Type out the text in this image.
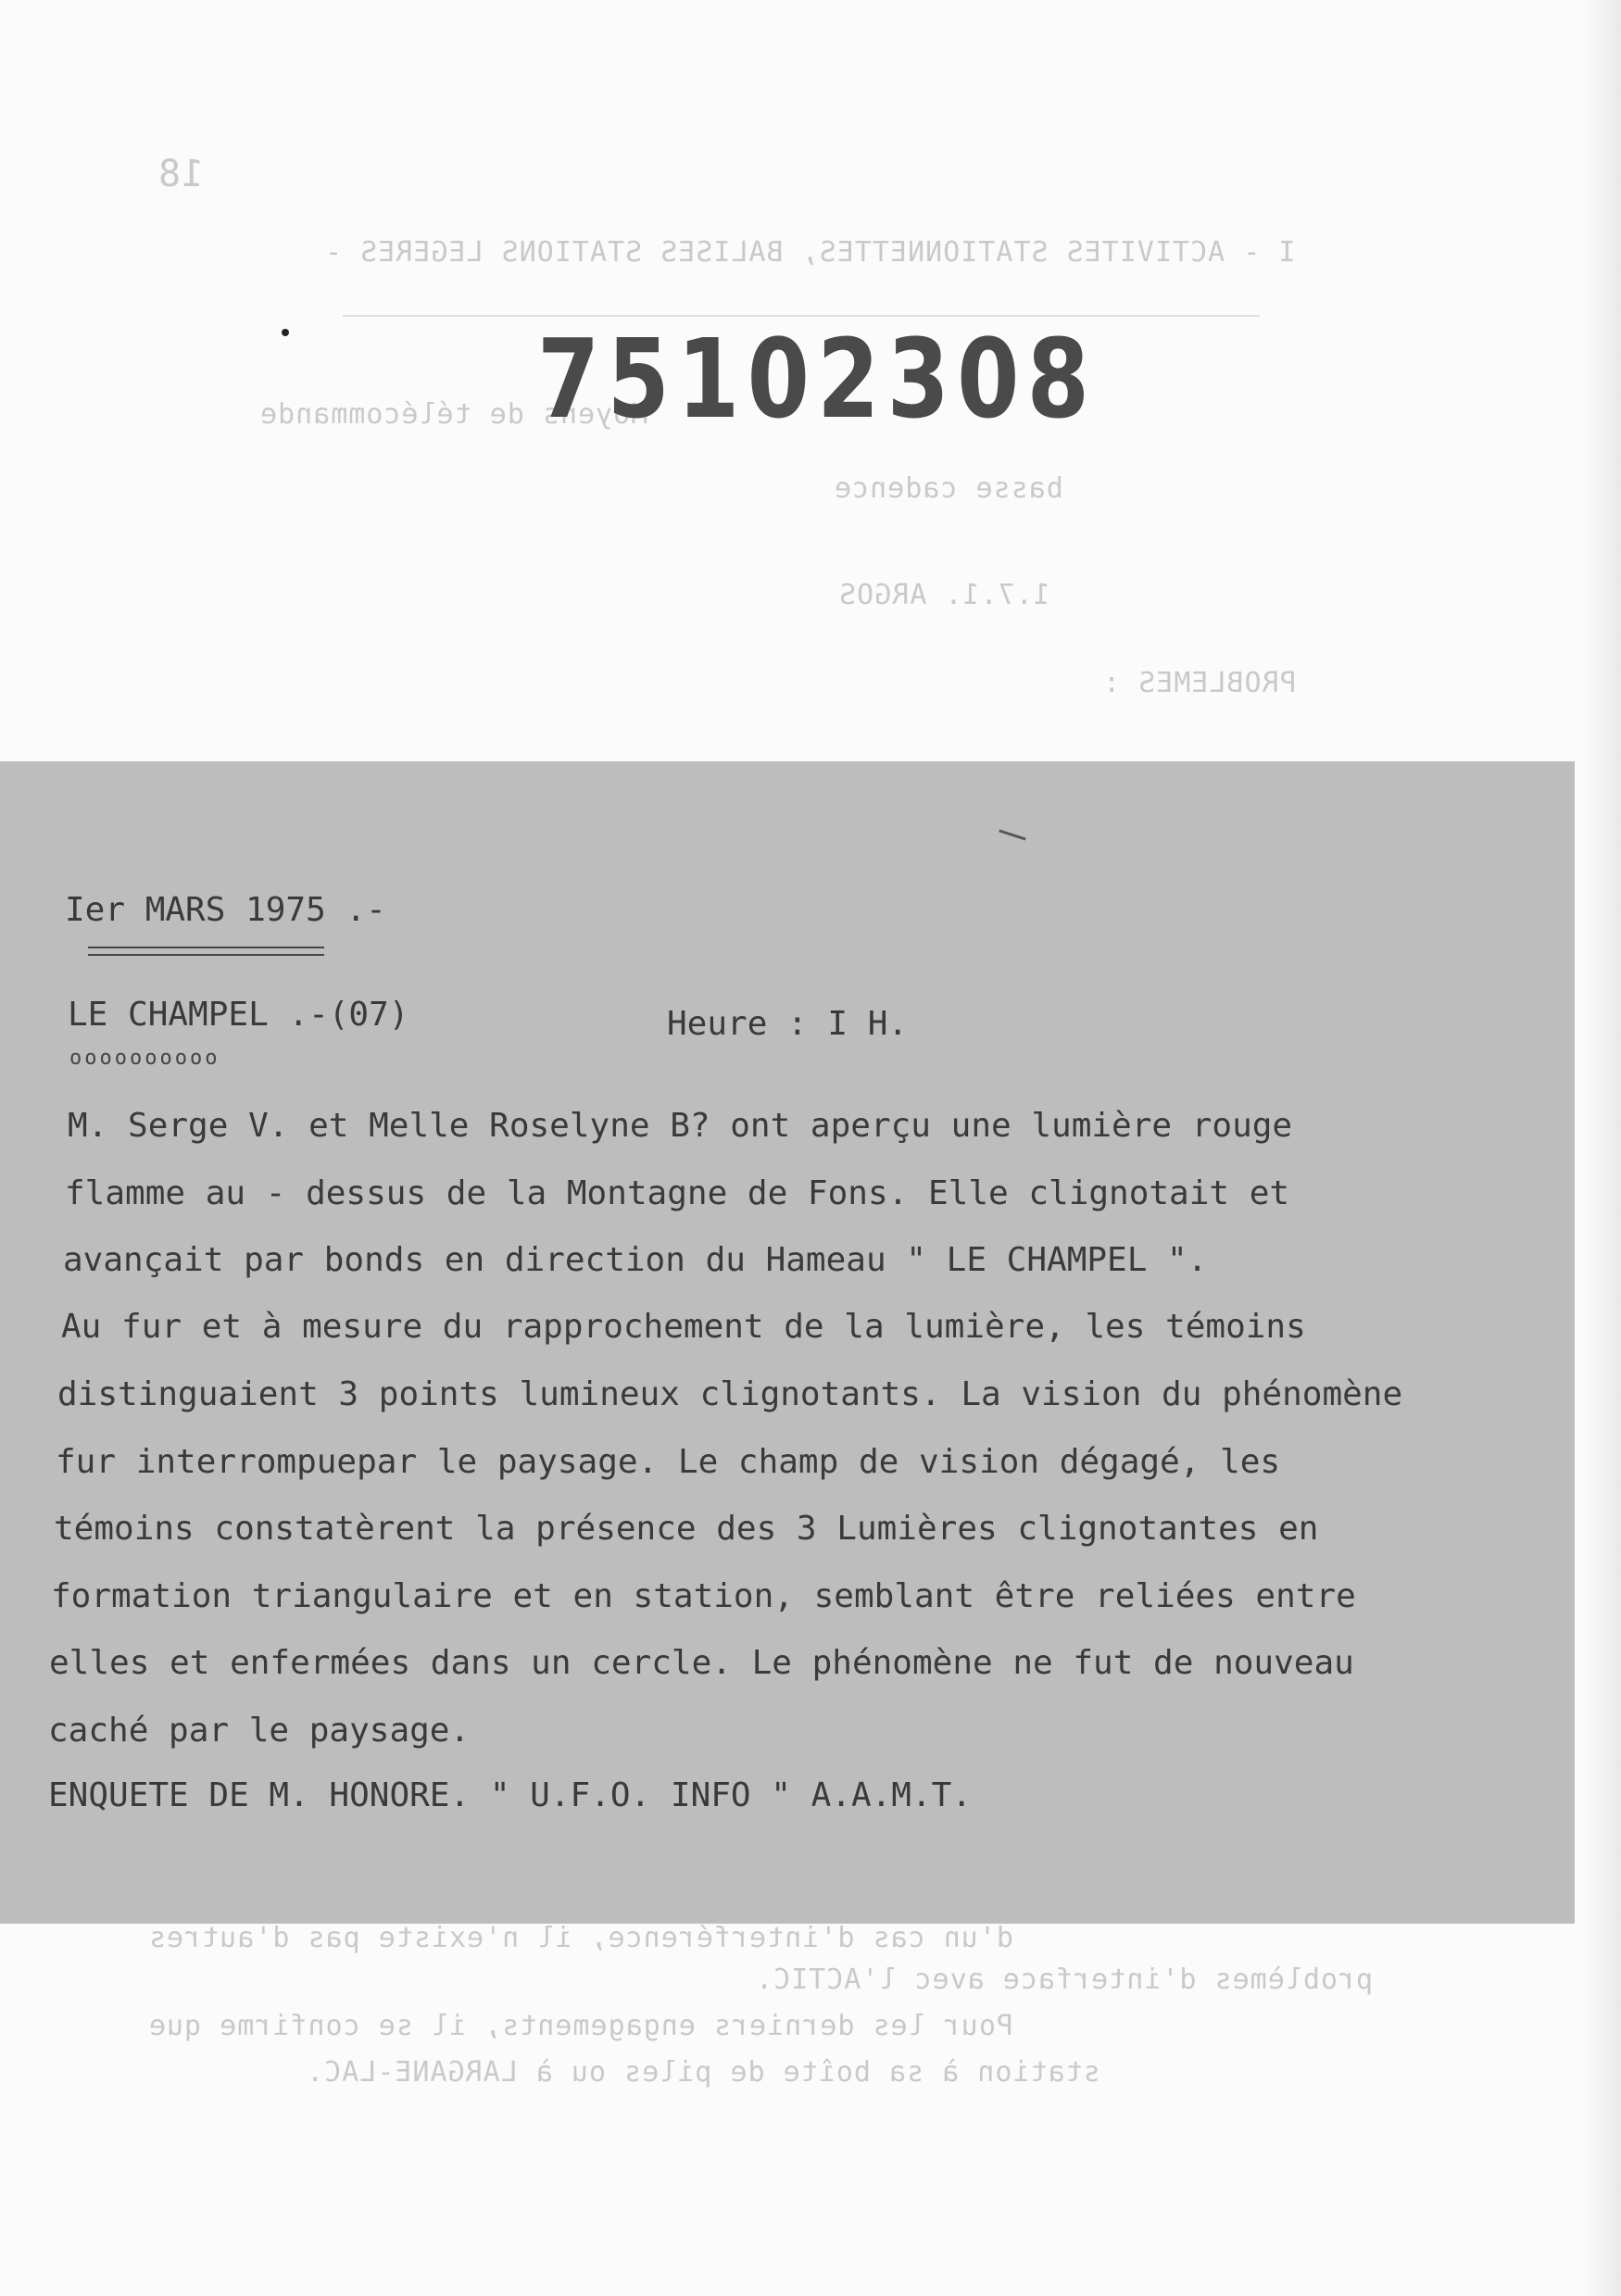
18
I - ACTIVITES STATIONNETTES, BALISES STATIONS LEGERES -
Moyens de télécommande
basse cadence
1.7.1. ARGOS
PROBLEMES :
75102308
Ier MARS 1975 .-
LE CHAMPEL .-(07)
oooooooooo
Heure : I H.
M. Serge V. et Melle Roselyne B? ont aperçu une lumière rouge
flamme au - dessus de la Montagne de Fons. Elle clignotait et
avançait par bonds en direction du Hameau " LE CHAMPEL ".
Au fur et à mesure du rapprochement de la lumière, les témoins
distinguaient 3 points lumineux clignotants. La vision du phénomène
fur interrompuepar le paysage. Le champ de vision dégagé, les
témoins constatèrent la présence des 3 Lumières clignotantes en
formation triangulaire et en station, semblant être reliées entre
elles et enfermées dans un cercle. Le phénomène ne fut de nouveau
caché par le paysage.
ENQUETE DE M. HONORE. " U.F.O. INFO " A.A.M.T.
d'un cas d'interférence, il n'existe pas d'autres
problèmes d'interface avec l'ACTIC.
Pour les derniers engagements, il se confirme que
station à sa boîte de piles ou à LARGANE-LAC.
